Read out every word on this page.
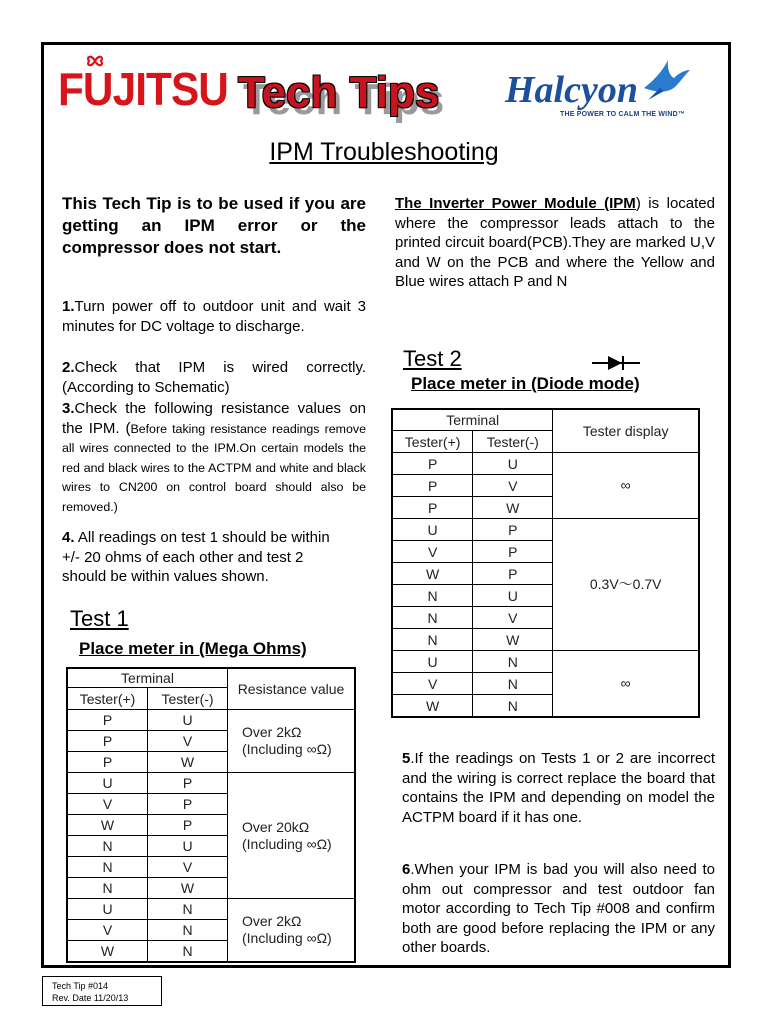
FUJITSU Tech Tips Halcyon
THE POWER TO CALM THE WIND™
IPM Troubleshooting
This Tech Tip is to be used if you are getting an IPM error or the compressor does not start.
1.Turn power off to outdoor unit and wait 3 minutes for DC voltage to discharge.
2.Check that IPM is wired correctly.(According to Schematic)
3.Check the following resistance values on the IPM. (Before taking resistance readings remove all wires connected to the IPM.On certain models the red and black wires to the ACTPM and white and black wires to CN200 on control board should also be removed.)
4. All readings on test 1 should be within +/- 20 ohms of each other and test 2 should be within values shown.
Test 1
Place meter in (Mega Ohms)
Terminal		Resistance value
Tester(+)	Tester(-)	
P	U	Over 2kΩ (Including ∞Ω)
P	V	
P	W	
U	P	Over 20kΩ (Including ∞Ω)
V	P	
W	P	
N	U	
N	V	
N	W	
U	N	Over 2kΩ (Including ∞Ω)
V	N	
W	N	
The Inverter Power Module (IPM) is located where the compressor leads attach to the printed circuit board(PCB).They are marked U,V and W on the PCB and where the Yellow and Blue wires attach P and N
Test 2
Place meter in (Diode mode)
Terminal		Tester display
Tester(+)	Tester(-)	
P	U	∞
P	V	
P	W	
U	P	0.3V～0.7V
V	P	
W	P	
N	U	
N	V	
N	W	
U	N	∞
V	N	
W	N	
5.If the readings on Tests 1 or 2 are incorrect and the wiring is correct replace the board that contains the IPM and depending on model the ACTPM board if it has one.
6.When your IPM is bad you will also need to ohm out compressor and test outdoor fan motor according to Tech Tip #008 and confirm both are good before replacing the IPM or any other boards.
Tech Tip #014
Rev. Date 11/20/13
